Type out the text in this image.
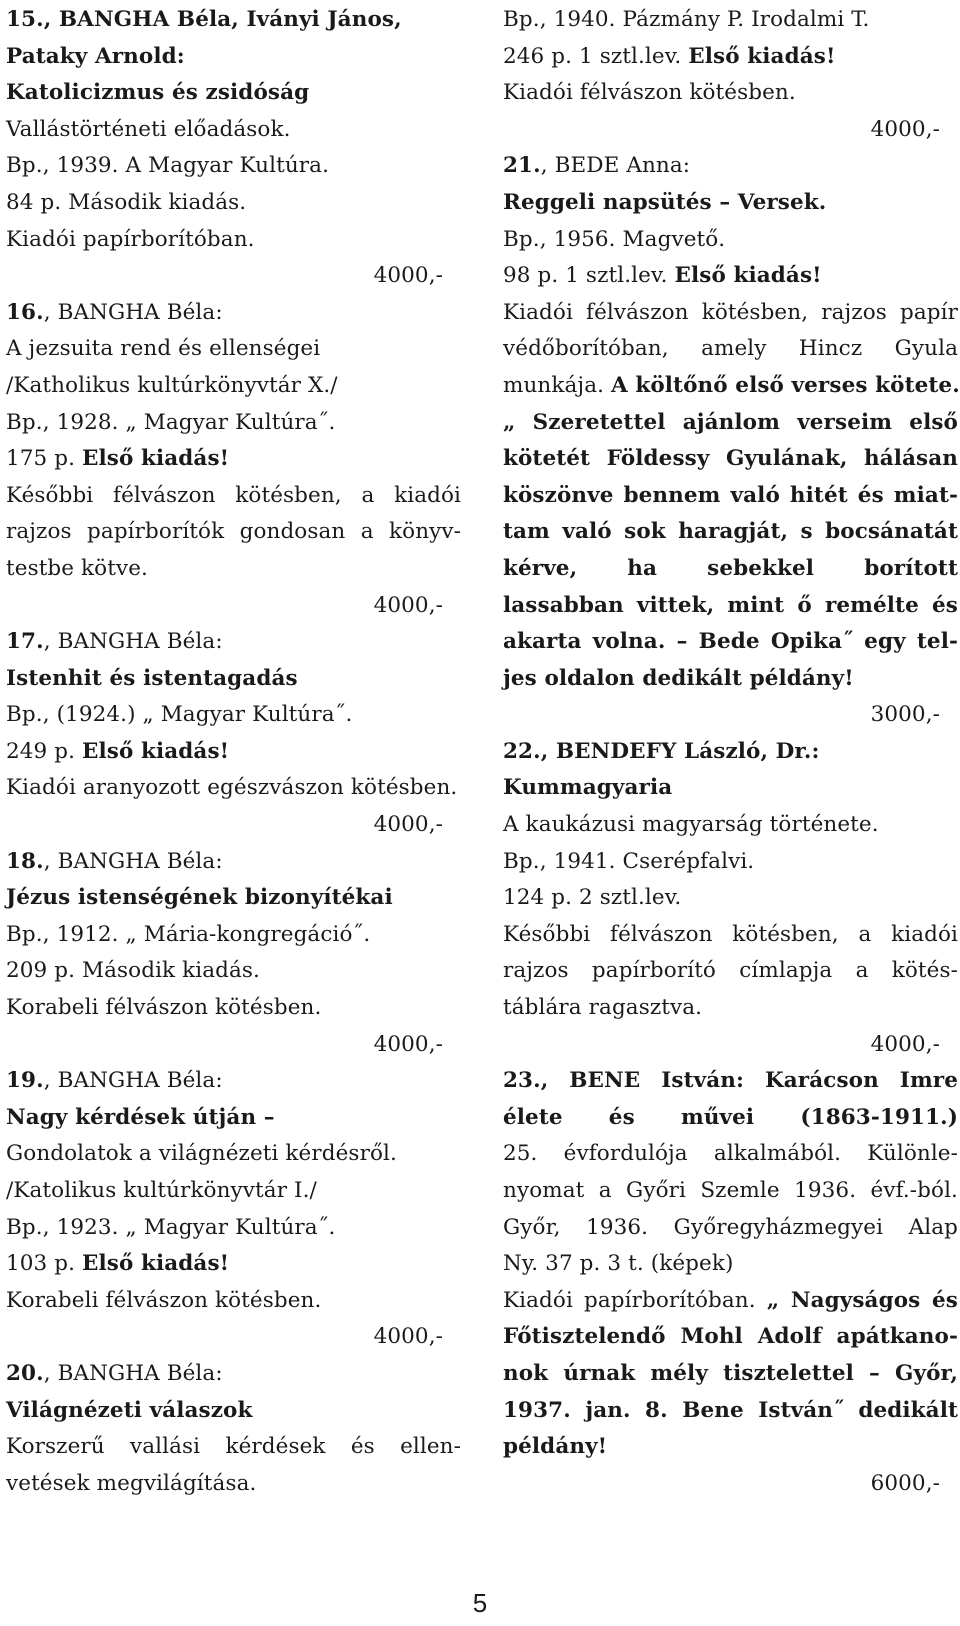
15., BANGHA Béla, Iványi János,
Pataky Arnold:
Katolicizmus és zsidóság
Vallástörténeti előadások.
Bp., 1939. A Magyar Kultúra.
84 p. Második kiadás.
Kiadói papírborítóban.
4000,-
16., BANGHA Béla:
A jezsuita rend és ellenségei
/Katholikus kultúrkönyvtár X./
Bp., 1928. „ Magyar Kultúra˝.
175 p. Első kiadás!
Későbbi félvászon kötésben, a kiadói
rajzos papírborítók gondosan a könyv-
testbe kötve.
4000,-
17., BANGHA Béla:
Istenhit és istentagadás
Bp., (1924.) „ Magyar Kultúra˝.
249 p. Első kiadás!
Kiadói aranyozott egészvászon kötésben.
4000,-
18., BANGHA Béla:
Jézus istenségének bizonyítékai
Bp., 1912. „ Mária-kongregáció˝.
209 p. Második kiadás.
Korabeli félvászon kötésben.
4000,-
19., BANGHA Béla:
Nagy kérdések útján –
Gondolatok a világnézeti kérdésről.
/Katolikus kultúrkönyvtár I./
Bp., 1923. „ Magyar Kultúra˝.
103 p. Első kiadás!
Korabeli félvászon kötésben.
4000,-
20., BANGHA Béla:
Világnézeti válaszok
Korszerű vallási kérdések és ellen-
vetések megvilágítása.
Bp., 1940. Pázmány P. Irodalmi T.
246 p. 1 sztl.lev. Első kiadás!
Kiadói félvászon kötésben.
4000,-
21., BEDE Anna:
Reggeli napsütés – Versek.
Bp., 1956. Magvető.
98 p. 1 sztl.lev. Első kiadás!
Kiadói félvászon kötésben, rajzos papír
védőborítóban, amely Hincz Gyula
munkája. A költőnő első verses kötete.
„ Szeretettel ajánlom verseim első
kötetét Földessy Gyulának, hálásan
köszönve bennem való hitét és miat-
tam való sok haragját, s bocsánatát
kérve, ha sebekkel borított
lassabban vittek, mint ő remélte és
akarta volna. – Bede Opika˝ egy tel-
jes oldalon dedikált példány!
3000,-
22., BENDEFY László, Dr.:
Kummagyaria
A kaukázusi magyarság története.
Bp., 1941. Cserépfalvi.
124 p. 2 sztl.lev.
Későbbi félvászon kötésben, a kiadói
rajzos papírborító címlapja a kötés-
táblára ragasztva.
4000,-
23., BENE István: Karácson Imre
élete és művei (1863-1911.)
25. évfordulója alkalmából. Különle-
nyomat a Győri Szemle 1936. évf.-ból.
Győr, 1936. Győregyházmegyei Alap
Ny. 37 p. 3 t. (képek)
Kiadói papírborítóban. „ Nagyságos és
Főtisztelendő Mohl Adolf apátkano-
nok úrnak mély tisztelettel – Győr,
1937. jan. 8. Bene István˝ dedikált
példány!
6000,-
5
